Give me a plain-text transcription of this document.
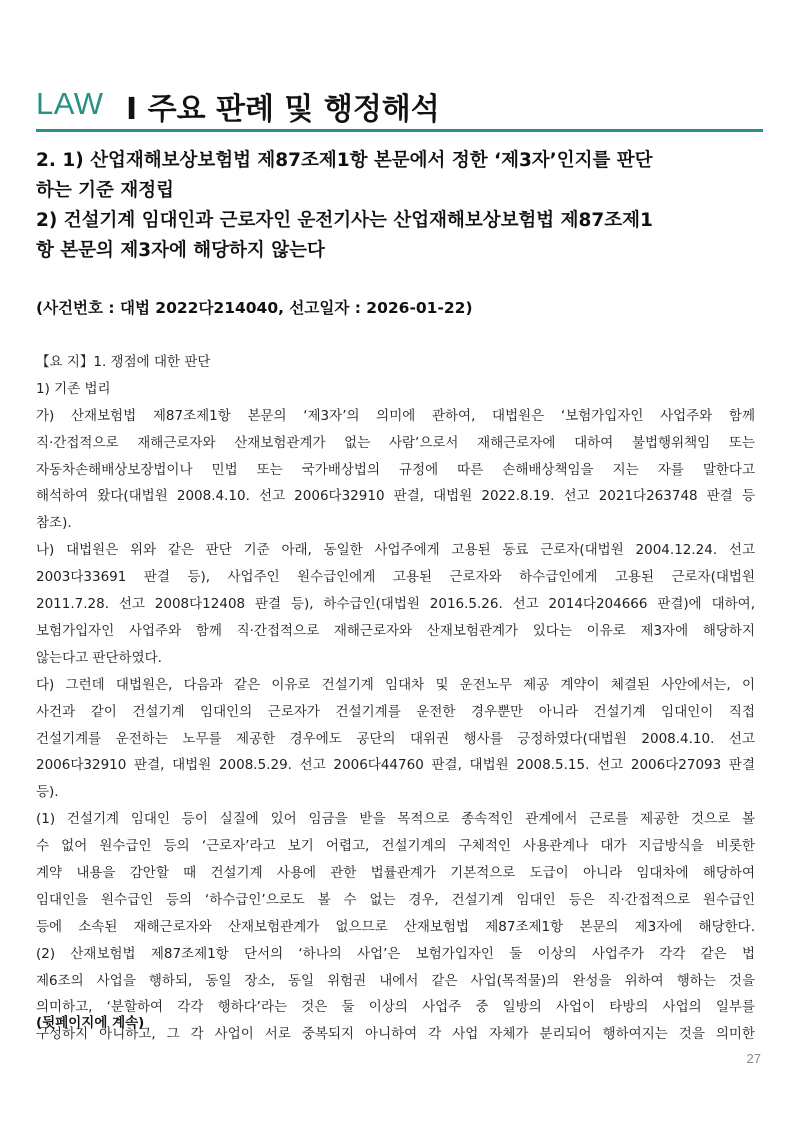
LAW I 주요 판례 및 행정해석
2. 1) 산업재해보상보험법 제87조제1항 본문에서 정한 ‘제3자’인지를 판단
하는 기준 재정립
2) 건설기계 임대인과 근로자인 운전기사는 산업재해보상보험법 제87조제1
항 본문의 제3자에 해당하지 않는다
(사건번호 : 대법 2022다214040, 선고일자 : 2026-01-22)
【요 지】1. 쟁점에 대한 판단
1) 기존 법리
가) 산재보험법 제87조제1항 본문의 ‘제3자’의 의미에 관하여, 대법원은 ‘보험가입자인 사업주와 함께
직·간접적으로 재해근로자와 산재보험관계가 없는 사람’으로서 재해근로자에 대하여 불법행위책임 또는
자동차손해배상보장법이나 민법 또는 국가배상법의 규정에 따른 손해배상책임을 지는 자를 말한다고
해석하여 왔다(대법원 2008.4.10. 선고 2006다32910 판결, 대법원 2022.8.19. 선고 2021다263748 판결 등
참조).
나) 대법원은 위와 같은 판단 기준 아래, 동일한 사업주에게 고용된 동료 근로자(대법원 2004.12.24. 선고
2003다33691 판결 등), 사업주인 원수급인에게 고용된 근로자와 하수급인에게 고용된 근로자(대법원
2011.7.28. 선고 2008다12408 판결 등), 하수급인(대법원 2016.5.26. 선고 2014다204666 판결)에 대하여,
보험가입자인 사업주와 함께 직·간접적으로 재해근로자와 산재보험관계가 있다는 이유로 제3자에 해당하지
않는다고 판단하였다.
다) 그런데 대법원은, 다음과 같은 이유로 건설기계 임대차 및 운전노무 제공 계약이 체결된 사안에서는, 이
사건과 같이 건설기계 임대인의 근로자가 건설기계를 운전한 경우뿐만 아니라 건설기계 임대인이 직접
건설기계를 운전하는 노무를 제공한 경우에도 공단의 대위권 행사를 긍정하였다(대법원 2008.4.10. 선고
2006다32910 판결, 대법원 2008.5.29. 선고 2006다44760 판결, 대법원 2008.5.15. 선고 2006다27093 판결
등).
(1) 건설기계 임대인 등이 실질에 있어 임금을 받을 목적으로 종속적인 관계에서 근로를 제공한 것으로 볼
수 없어 원수급인 등의 ‘근로자’라고 보기 어렵고, 건설기계의 구체적인 사용관계나 대가 지급방식을 비롯한
계약 내용을 감안할 때 건설기계 사용에 관한 법률관계가 기본적으로 도급이 아니라 임대차에 해당하여
임대인을 원수급인 등의 ‘하수급인’으로도 볼 수 없는 경우, 건설기계 임대인 등은 직·간접적으로 원수급인
등에 소속된 재해근로자와 산재보험관계가 없으므로 산재보험법 제87조제1항 본문의 제3자에 해당한다.
(2) 산재보험법 제87조제1항 단서의 ‘하나의 사업’은 보험가입자인 둘 이상의 사업주가 각각 같은 법
제6조의 사업을 행하되, 동일 장소, 동일 위험권 내에서 같은 사업(목적물)의 완성을 위하여 행하는 것을
의미하고, ‘분할하여 각각 행하다’라는 것은 둘 이상의 사업주 중 일방의 사업이 타방의 사업의 일부를
구성하지 아니하고, 그 각 사업이 서로 중복되지 아니하여 각 사업 자체가 분리되어 행하여지는 것을 의미한
(뒷페이지에 계속)
27
